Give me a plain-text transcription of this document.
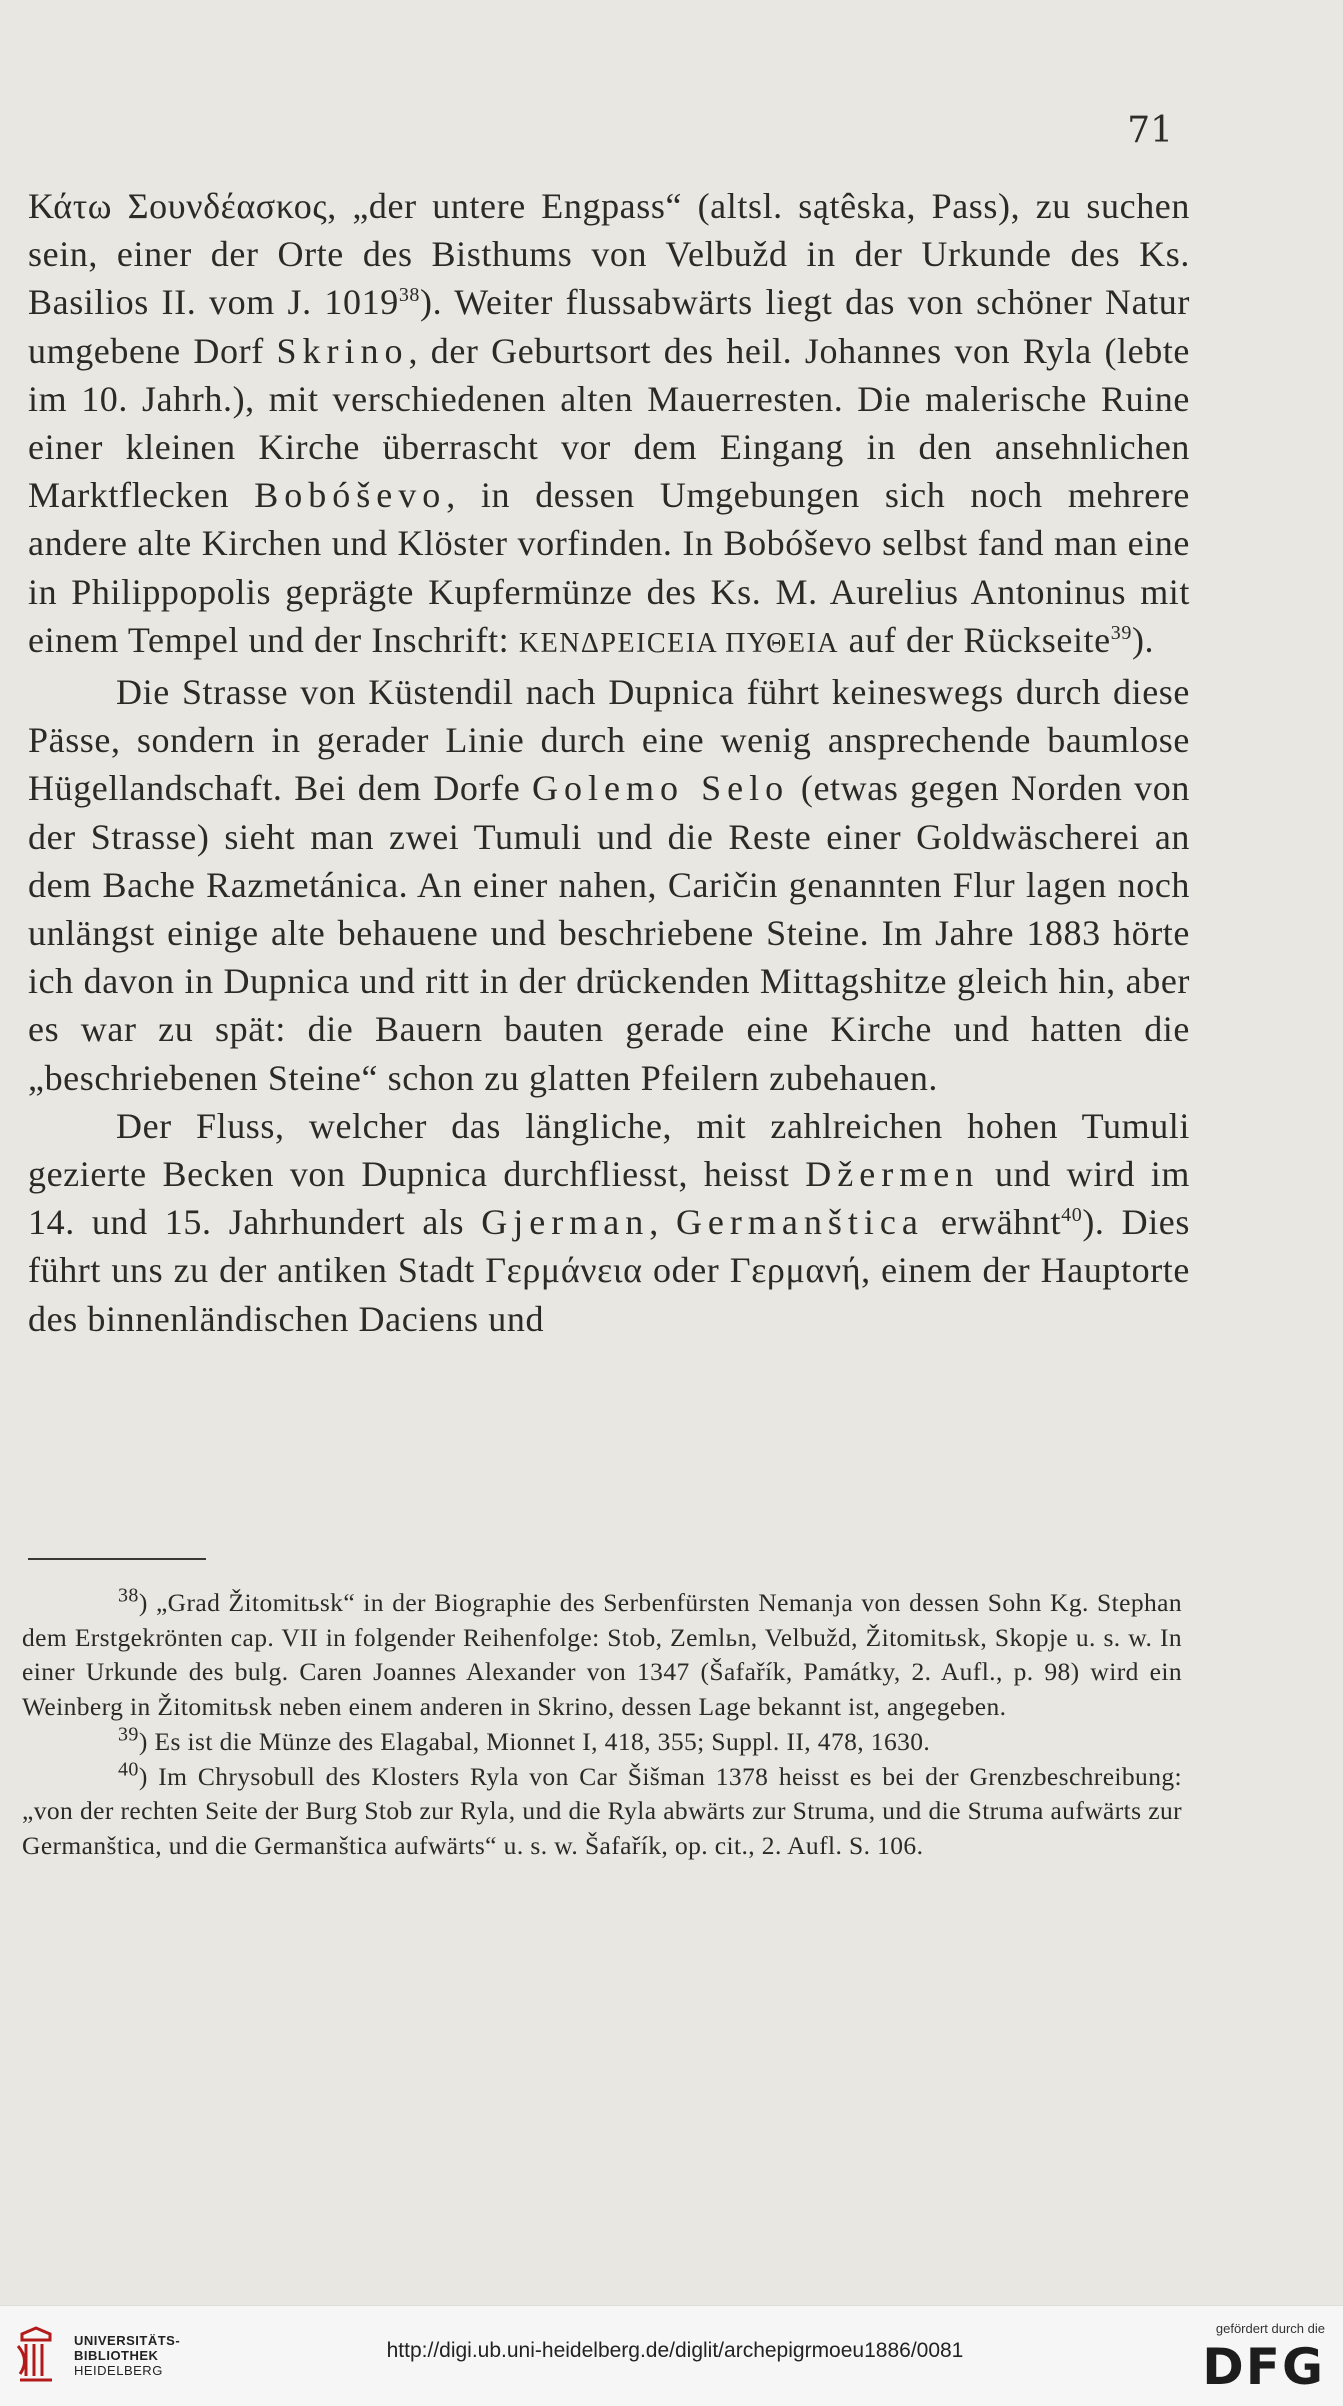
71

Κάτω Σουνδέασκος, „der untere Engpass“ (altsl. sątêska, Pass), zu suchen sein, einer der Orte des Bisthums von Velbužd in der Urkunde des Ks. Basilios II. vom J. 1019$^{38}$). Weiter flussabwärts liegt das von schöner Natur umgebene Dorf Skrino, der Geburtsort des heil. Johannes von Ryla (lebte im 10. Jahrh.), mit verschiedenen alten Mauerresten. Die malerische Ruine einer kleinen Kirche überrascht vor dem Eingang in den ansehnlichen Marktflecken Bobóševo, in dessen Umgebungen sich noch mehrere andere alte Kirchen und Klöster vorfinden. In Bobóševo selbst fand man eine in Philippopolis geprägte Kupfermünze des Ks. M. Aurelius Antoninus mit einem Tempel und der Inschrift: ΚΕΝΔΡΕΙϹΕΙΑ ΠΥΘΕΙΑ auf der Rückseite$^{39}$).

Die Strasse von Küstendil nach Dupnica führt keineswegs durch diese Pässe, sondern in gerader Linie durch eine wenig ansprechende baumlose Hügellandschaft. Bei dem Dorfe Golemo Selo (etwas gegen Norden von der Strasse) sieht man zwei Tumuli und die Reste einer Goldwäscherei an dem Bache Razmetánica. An einer nahen, Caričin genannten Flur lagen noch unlängst einige alte behauene und beschriebene Steine. Im Jahre 1883 hörte ich davon in Dupnica und ritt in der drückenden Mittagshitze gleich hin, aber es war zu spät: die Bauern bauten gerade eine Kirche und hatten die „beschriebenen Steine“ schon zu glatten Pfeilern zubehauen.

Der Fluss, welcher das längliche, mit zahlreichen hohen Tumuli gezierte Becken von Dupnica durchfliesst, heisst Džermen und wird im 14. und 15. Jahrhundert als Gjerman, Germanštica erwähnt$^{40}$). Dies führt uns zu der antiken Stadt Γερμάνεια oder Γερμανή, einem der Hauptorte des binnenländischen Daciens und

$^{38}$) „Grad Žitomitьsk“ in der Biographie des Serbenfürsten Nemanja von dessen Sohn Kg. Stephan dem Erstgekrönten cap. VII in folgender Reihenfolge: Stob, Zemlьn, Velbužd, Žitomitьsk, Skopje u. s. w. In einer Urkunde des bulg. Caren Joannes Alexander von 1347 (Šafařík, Památky, 2. Aufl., p. 98) wird ein Weinberg in Žitomitьsk neben einem anderen in Skrino, dessen Lage bekannt ist, angegeben.

$^{39}$) Es ist die Münze des Elagabal, Mionnet I, 418, 355; Suppl. II, 478, 1630.

$^{40}$) Im Chrysobull des Klosters Ryla von Car Šišman 1378 heisst es bei der Grenzbeschreibung: „von der rechten Seite der Burg Stob zur Ryla, und die Ryla abwärts zur Struma, und die Struma aufwärts zur Germanštica, und die Germanštica aufwärts“ u. s. w. Šafařík, op. cit., 2. Aufl. S. 106.

UNIVERSITÄTS-
BIBLIOTHEK
HEIDELBERG
http://digi.ub.uni-heidelberg.de/diglit/archepigrmoeu1886/0081
gefördert durch die
DFG
